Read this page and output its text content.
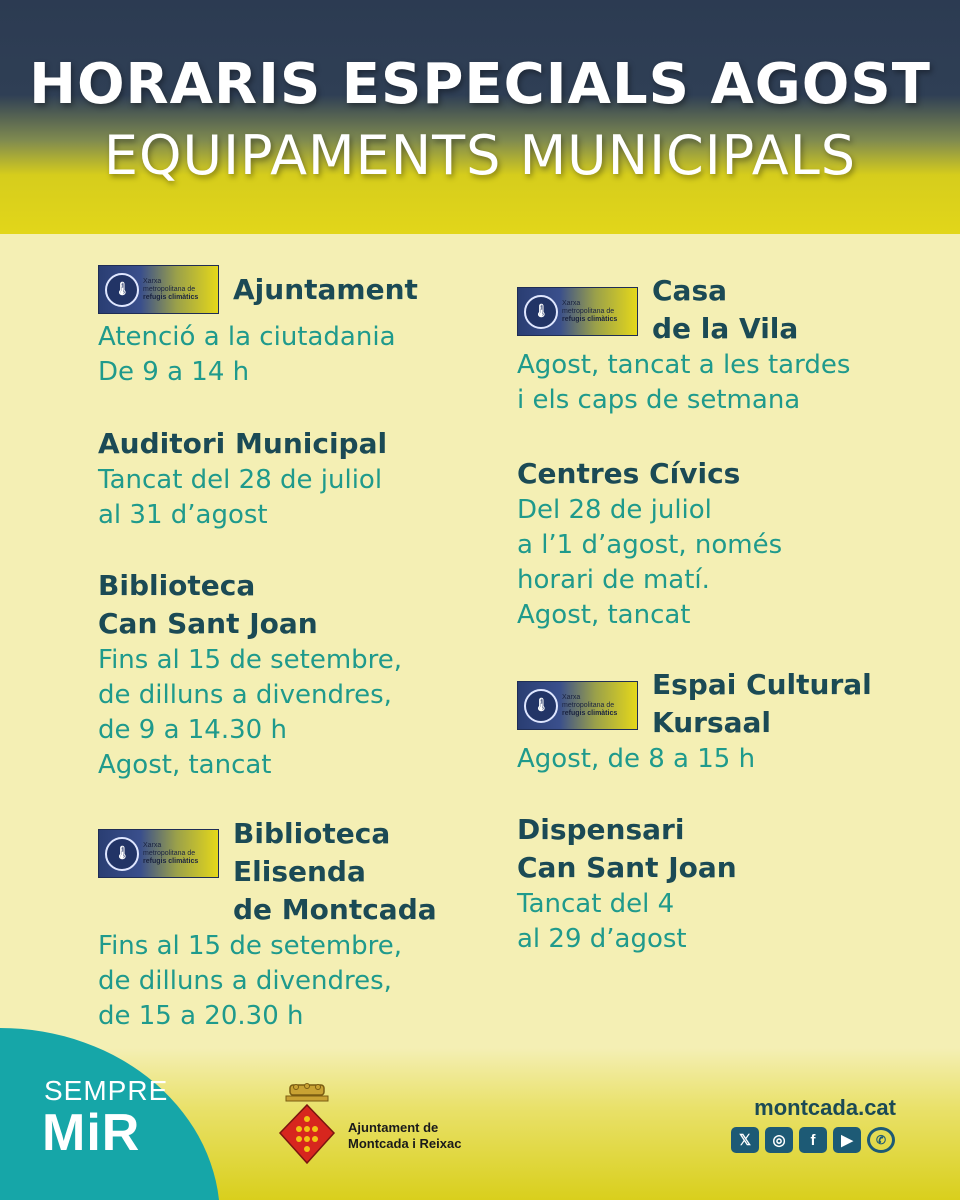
HORARIS ESPECIALS AGOST
EQUIPAMENTS MUNICIPALS
🌡
Xarxa
metropolitana de
refugis climàtics Ajuntament
Atenció a la ciutadania
De 9 a 14 h
Auditori Municipal
Tancat del 28 de juliol
al 31 d’agost
Biblioteca
Can Sant Joan
Fins al 15 de setembre,
de dilluns a divendres,
de 9 a 14.30 h
Agost, tancat
🌡
Xarxa
metropolitana de
refugis climàtics
Biblioteca
Elisenda
de Montcada
Fins al 15 de setembre,
de dilluns a divendres,
de 15 a 20.30 h
🌡
Xarxa
metropolitana de
refugis climàtics
Casa
de la Vila
Agost, tancat a les tardes
i els caps de setmana
Centres Cívics
Del 28 de juliol
a l’1 d’agost, només
horari de matí.
Agost, tancat
🌡
Xarxa
metropolitana de
refugis climàtics
Espai Cultural
Kursaal
Agost, de 8 a 15 h
Dispensari
Can Sant Joan
Tancat del 4
al 29 d’agost
SEMPRE
MiR	Ajuntament de
Montcada i Reixac
montcada.cat
𝕏	◎	f	▶	✆
